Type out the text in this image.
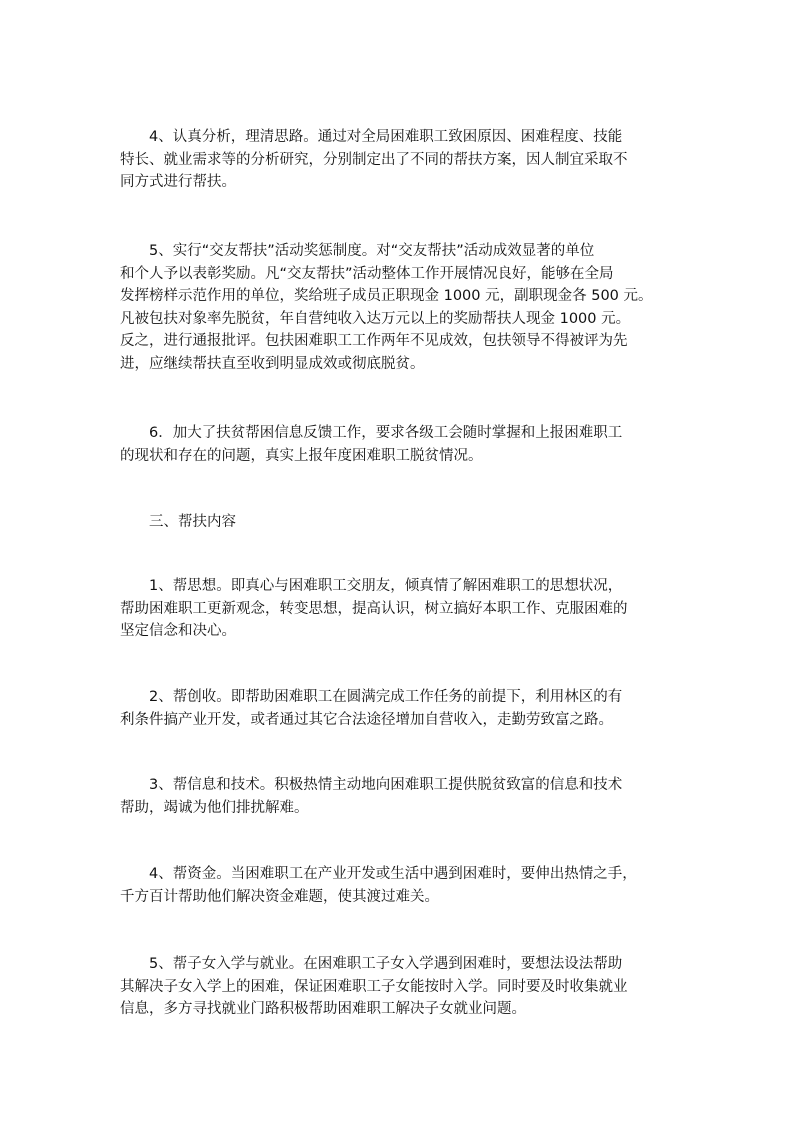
4、认真分析，理清思路。通过对全局困难职工致困原因、困难程度、技能
特长、就业需求等的分析研究，分别制定出了不同的帮扶方案，因人制宜采取不
同方式进行帮扶。
5、实行“交友帮扶”活动奖惩制度。对“交友帮扶”活动成效显著的单位
和个人予以表彰奖励。凡“交友帮扶”活动整体工作开展情况良好，能够在全局
发挥榜样示范作用的单位，奖给班子成员正职现金 1000 元，副职现金各 500 元。
凡被包扶对象率先脱贫，年自营纯收入达万元以上的奖励帮扶人现金 1000 元。
反之，进行通报批评。包扶困难职工工作两年不见成效，包扶领导不得被评为先
进，应继续帮扶直至收到明显成效或彻底脱贫。
6．加大了扶贫帮困信息反馈工作，要求各级工会随时掌握和上报困难职工
的现状和存在的问题，真实上报年度困难职工脱贫情况。
三、帮扶内容
1、帮思想。即真心与困难职工交朋友，倾真情了解困难职工的思想状况，
帮助困难职工更新观念，转变思想，提高认识，树立搞好本职工作、克服困难的
坚定信念和决心。
2、帮创收。即帮助困难职工在圆满完成工作任务的前提下，利用林区的有
利条件搞产业开发，或者通过其它合法途径增加自营收入，走勤劳致富之路。
3、帮信息和技术。积极热情主动地向困难职工提供脱贫致富的信息和技术
帮助，竭诚为他们排扰解难。
4、帮资金。当困难职工在产业开发或生活中遇到困难时，要伸出热情之手，
千方百计帮助他们解决资金难题，使其渡过难关。
5、帮子女入学与就业。在困难职工子女入学遇到困难时，要想法设法帮助
其解决子女入学上的困难，保证困难职工子女能按时入学。同时要及时收集就业
信息，多方寻找就业门路积极帮助困难职工解决子女就业问题。
